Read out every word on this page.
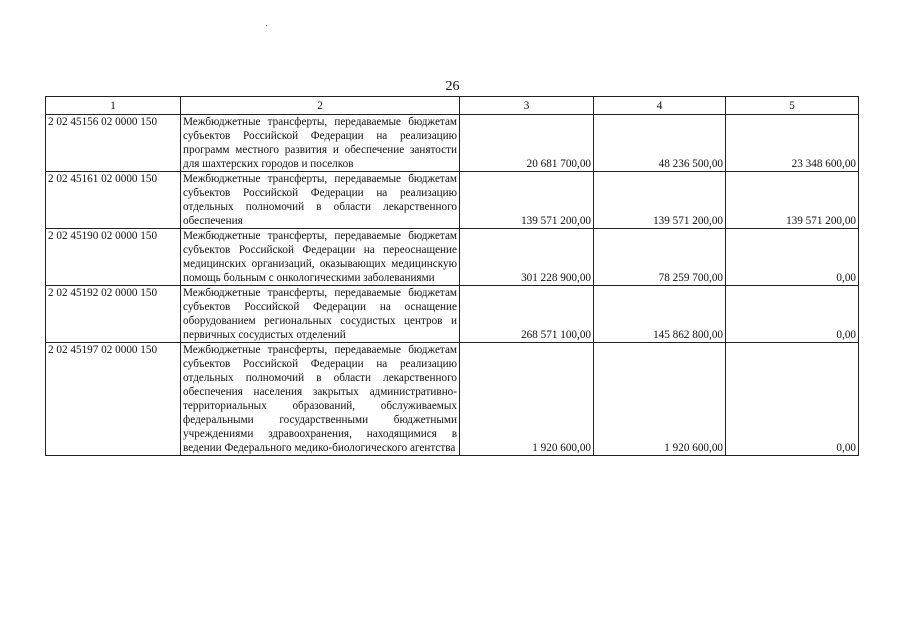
26
1	2	3	4	5
2 02 45156 02 0000 150	Межбюджетные трансферты, передаваемые бюджетам субъектов Российской Федерации на реализацию программ местного развития и обеспечение занятости для шахтерских городов и поселков	20 681 700,00	48 236 500,00	23 348 600,00
2 02 45161 02 0000 150	Межбюджетные трансферты, передаваемые бюджетам субъектов Российской Федерации на реализацию отдельных полномочий в области лекарственного обеспечения	139 571 200,00	139 571 200,00	139 571 200,00
2 02 45190 02 0000 150	Межбюджетные трансферты, передаваемые бюджетам субъектов Российской Федерации на переоснащение медицинских организаций, оказывающих медицинскую помощь больным с онкологическими заболеваниями	301 228 900,00	78 259 700,00	0,00
2 02 45192 02 0000 150	Межбюджетные трансферты, передаваемые бюджетам субъектов Российской Федерации на оснащение оборудованием региональных сосудистых центров и первичных сосудистых отделений	268 571 100,00	145 862 800,00	0,00
2 02 45197 02 0000 150	Межбюджетные трансферты, передаваемые бюджетам субъектов Российской Федерации на реализацию отдельных полномочий в области лекарственного обеспечения населения закрытых административно-территориальных образований, обслуживаемых федеральными государственными бюджетными учреждениями здравоохранения, находящимися в ведении Федерального медико-биологического агентства	1 920 600,00	1 920 600,00	0,00
